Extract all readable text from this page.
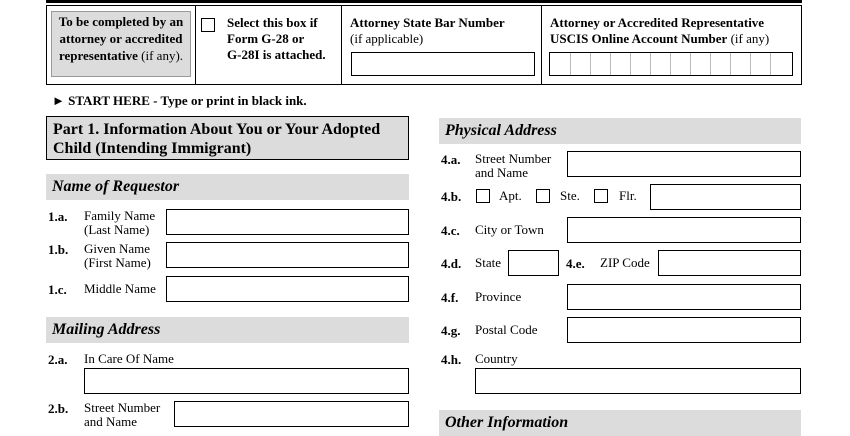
To be completed by an
attorney or accredited
representative (if any).
Select this box if
Form G-28 or
G-28I is attached.
Attorney State Bar Number
(if applicable)
Attorney or Accredited Representative
USCIS Online Account Number (if any)
► START HERE - Type or print in black ink.
Part 1. Information About You or Your Adopted
Child (Intending Immigrant)
Name of Requestor
1.a. Family Name
(Last Name)
1.b. Given Name
(First Name)
1.c. Middle Name
Mailing Address
2.a. In Care Of Name
2.b. Street Number
and Name
Physical Address
4.a. Street Number
and Name
4.b.	Apt.	Ste.	Flr.
4.c. City or Town
4.d. State	4.e. ZIP Code
4.f. Province
4.g. Postal Code
4.h. Country
Other Information
